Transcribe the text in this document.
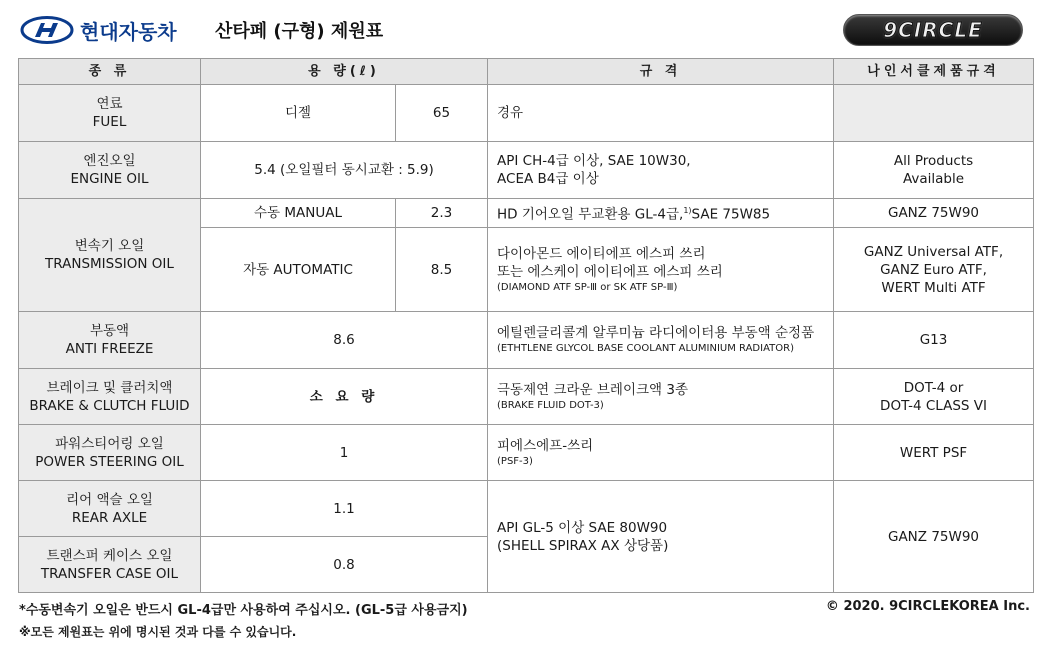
현대자동차 산타페 (구형) 제원표	9CIRCLE
종 류	용 량(ℓ)		규 격	나인서클제품규격

연료
FUEL	디젤	65	경유	

엔진오일
ENGINE OIL	5.4 (오일필터 동시교환 : 5.9)		API CH-4급 이상, SAE 10W30,
ACEA B4급 이상	All Products
Available

변속기 오일
TRANSMISSION OIL	수동 MANUAL	2.3	HD 기어오일 무교환용 GL-4급,$^{1)}$SAE 75W85	GANZ 75W90
	자동 AUTOMATIC	8.5	다이아몬드 에이티에프 에스피 쓰리
또는 에스케이 에이티에프 에스피 쓰리
(DIAMOND ATF SP-Ⅲ or SK ATF SP-Ⅲ)	GANZ Universal ATF,
GANZ Euro ATF,
WERT Multi ATF

부동액
ANTI FREEZE	8.6		에틸렌글리콜계 알루미늄 라디에이터용 부동액 순정품
(ETHTLENE GLYCOL BASE COOLANT ALUMINIUM RADIATOR)	G13

브레이크 및 클러치액
BRAKE & CLUTCH FLUID	소 요 량		극동제연 크라운 브레이크액 3종
(BRAKE FLUID DOT-3)	DOT-4 or
DOT-4 CLASS VI

파워스티어링 오일
POWER STEERING OIL	1		피에스에프-쓰리
(PSF-3)	WERT PSF

리어 액슬 오일
REAR AXLE	1.1		API GL-5 이상 SAE 80W90
(SHELL SPIRAX AX 상당품)	GANZ 75W90

트랜스퍼 케이스 오일
TRANSFER CASE OIL	0.8			
*수동변속기 오일은 반드시 GL-4급만 사용하여 주십시오. (GL-5급 사용금지)
※모든 제원표는 위에 명시된 것과 다를 수 있습니다.
© 2020. 9CIRCLEKOREA Inc.
